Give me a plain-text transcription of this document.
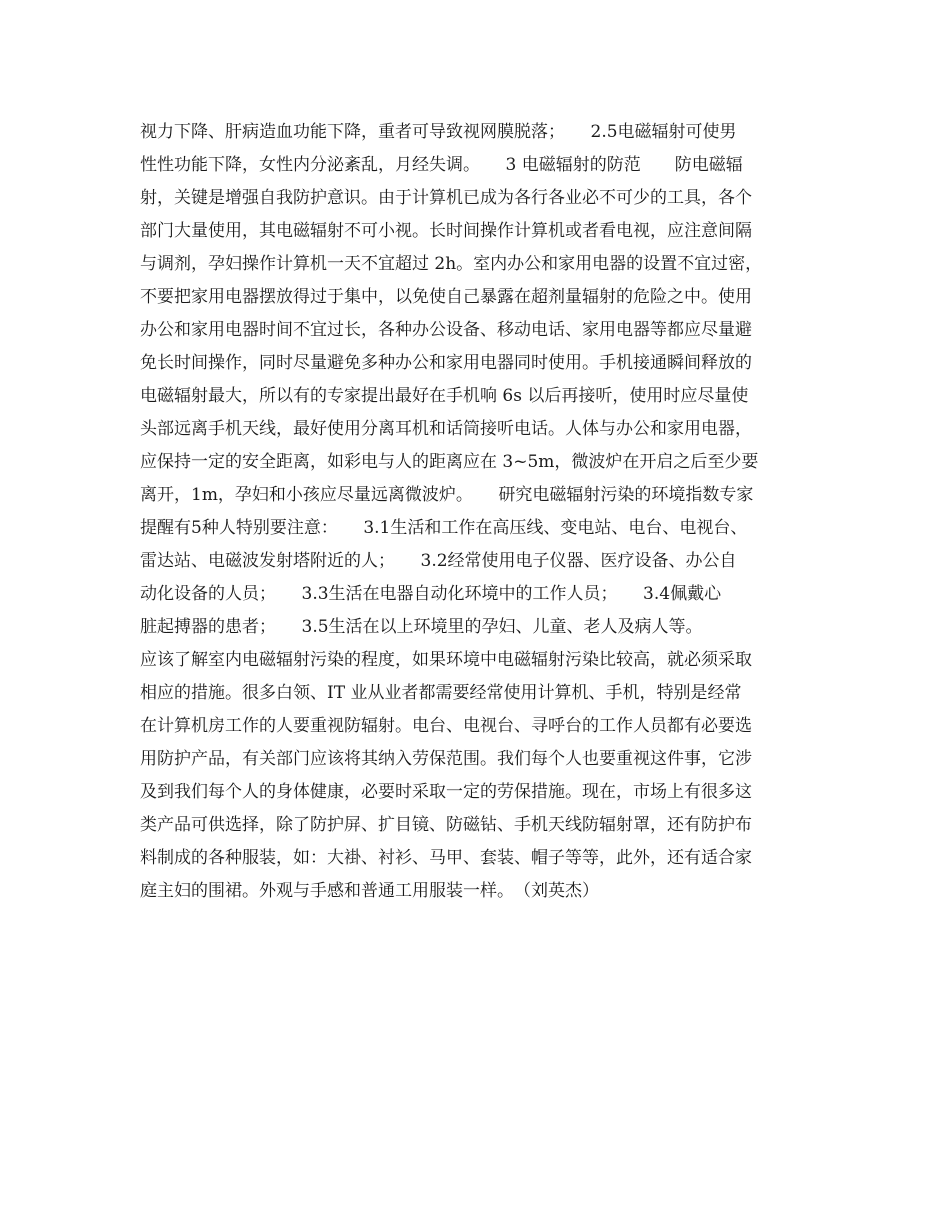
视力下降、肝病造血功能下降，重者可导致视网膜脱落；　　2.5电磁辐射可使男
性性功能下降，女性内分泌紊乱，月经失调。　　3 电磁辐射的防范　　防电磁辐
射，关键是增强自我防护意识。由于计算机已成为各行各业必不可少的工具，各个
部门大量使用，其电磁辐射不可小视。长时间操作计算机或者看电视，应注意间隔
与调剂，孕妇操作计算机一天不宜超过 2h。室内办公和家用电器的设置不宜过密，
不要把家用电器摆放得过于集中，以免使自己暴露在超剂量辐射的危险之中。使用
办公和家用电器时间不宜过长，各种办公设备、移动电话、家用电器等都应尽量避
免长时间操作，同时尽量避免多种办公和家用电器同时使用。手机接通瞬间释放的
电磁辐射最大，所以有的专家提出最好在手机响 6s 以后再接听，使用时应尽量使
头部远离手机天线，最好使用分离耳机和话筒接听电话。人体与办公和家用电器，
应保持一定的安全距离，如彩电与人的距离应在 3~5m，微波炉在开启之后至少要
离开，1m，孕妇和小孩应尽量远离微波炉。　　研究电磁辐射污染的环境指数专家
提醒有5种人特别要注意：　　3.1生活和工作在高压线、变电站、电台、电视台、
雷达站、电磁波发射塔附近的人；　　3.2经常使用电子仪器、医疗设备、办公自
动化设备的人员；　　3.3生活在电器自动化环境中的工作人员；　　3.4佩戴心
脏起搏器的患者；　　3.5生活在以上环境里的孕妇、儿童、老人及病人等。
应该了解室内电磁辐射污染的程度，如果环境中电磁辐射污染比较高，就必须采取
相应的措施。很多白领、IT 业从业者都需要经常使用计算机、手机，特别是经常
在计算机房工作的人要重视防辐射。电台、电视台、寻呼台的工作人员都有必要选
用防护产品，有关部门应该将其纳入劳保范围。我们每个人也要重视这件事，它涉
及到我们每个人的身体健康，必要时采取一定的劳保措施。现在，市场上有很多这
类产品可供选择，除了防护屏、扩目镜、防磁钻、手机天线防辐射罩，还有防护布
料制成的各种服装，如：大褂、衬衫、马甲、套装、帽子等等，此外，还有适合家
庭主妇的围裙。外观与手感和普通工用服装一样。　（刘英杰）
